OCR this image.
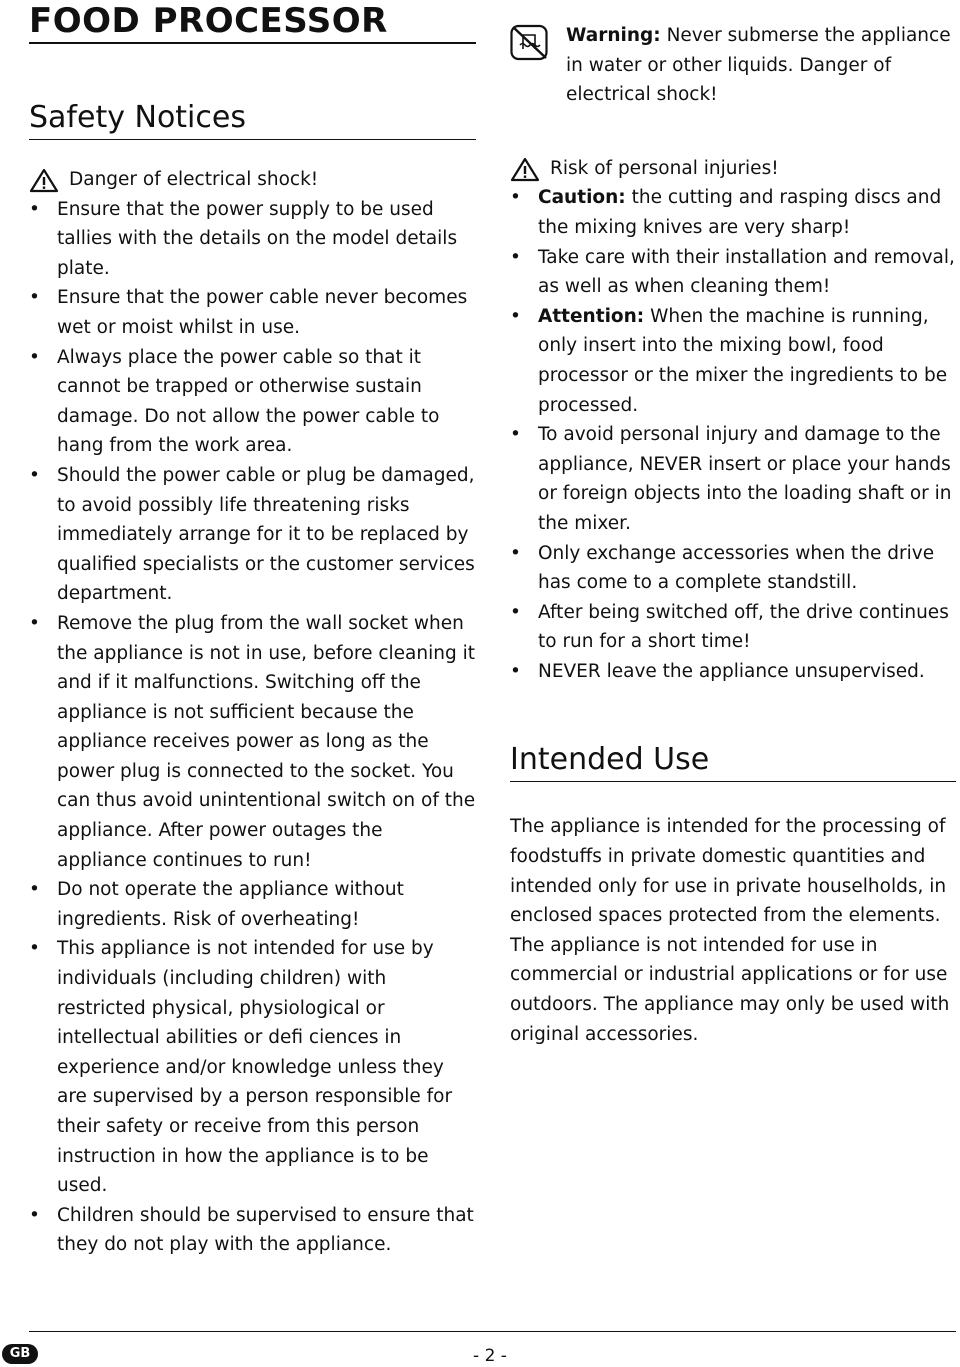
FOOD PROCESSOR
Safety Notices
Danger of electrical shock!
• Ensure that the power supply to be used tallies with the details on the model details plate.
• Ensure that the power cable never becomes wet or moist whilst in use.
• Always place the power cable so that it cannot be trapped or otherwise sustain damage. Do not allow the power cable to hang from the work area.
• Should the power cable or plug be damaged, to avoid possibly life threatening risks immediately arrange for it to be replaced by qualified specialists or the customer services department.
• Remove the plug from the wall socket when the appliance is not in use, before cleaning it and if it malfunctions. Switching off the appliance is not sufficient because the appliance receives power as long as the power plug is connected to the socket. You can thus avoid unintentional switch on of the appliance. After power outages the appliance continues to run!
• Do not operate the appliance without ingredients. Risk of overheating!
• This appliance is not intended for use by individuals (including children) with restricted physical, physiological or intellectual abilities or defi ciences in experience and/or knowledge unless they are supervised by a person responsible for their safety or receive from this person instruction in how the appliance is to be used.
• Children should be supervised to ensure that they do not play with the appliance.

Warning: Never submerse the appliance in water or other liquids. Danger of electrical shock!

Risk of personal injuries!
• Caution: the cutting and rasping discs and the mixing knives are very sharp!
• Take care with their installation and removal, as well as when cleaning them!
• Attention: When the machine is running, only insert into the mixing bowl, food processor or the mixer the ingredients to be processed.
• To avoid personal injury and damage to the appliance, NEVER insert or place your hands or foreign objects into the loading shaft or in the mixer.
• Only exchange accessories when the drive has come to a complete standstill.
• After being switched off, the drive continues to run for a short time!
• NEVER leave the appliance unsupervised.
Intended Use

The appliance is intended for the processing of foodstuffs in private domestic quantities and intended only for use in private houselholds, in enclosed spaces protected from the elements.

The appliance is not intended for use in commercial or industrial applications or for use outdoors. The appliance may only be used with original accessories.

GB	- 2 -
